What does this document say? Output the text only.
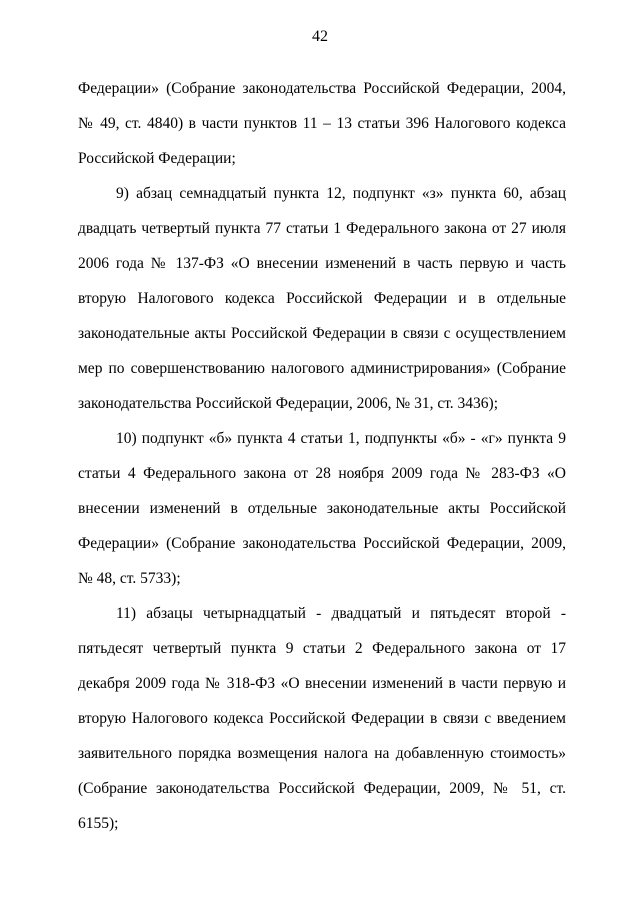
42

Федерации» (Собрание законодательства Российской Федерации, 2004, № 49, ст. 4840) в части пунктов 11 – 13 статьи 396 Налогового кодекса Российской Федерации;

9) абзац семнадцатый пункта 12, подпункт «з» пункта 60, абзац двадцать четвертый пункта 77 статьи 1 Федерального закона от 27 июля 2006 года № 137-ФЗ «О внесении изменений в часть первую и часть вторую Налогового кодекса Российской Федерации и в отдельные законодательные акты Российской Федерации в связи с осуществлением мер по совершенствованию налогового администрирования» (Собрание законодательства Российской Федерации, 2006, № 31, ст. 3436);

10) подпункт «б» пункта 4 статьи 1, подпункты «б» - «г» пункта 9 статьи 4 Федерального закона от 28 ноября 2009 года № 283-ФЗ «О внесении изменений в отдельные законодательные акты Российской Федерации» (Собрание законодательства Российской Федерации, 2009, № 48, ст. 5733);

11) абзацы четырнадцатый - двадцатый и пятьдесят второй - пятьдесят четвертый пункта 9 статьи 2 Федерального закона от 17 декабря 2009 года № 318-ФЗ «О внесении изменений в части первую и вторую Налогового кодекса Российской Федерации в связи с введением заявительного порядка возмещения налога на добавленную стоимость» (Собрание законодательства Российской Федерации, 2009, № 51, ст. 6155);
